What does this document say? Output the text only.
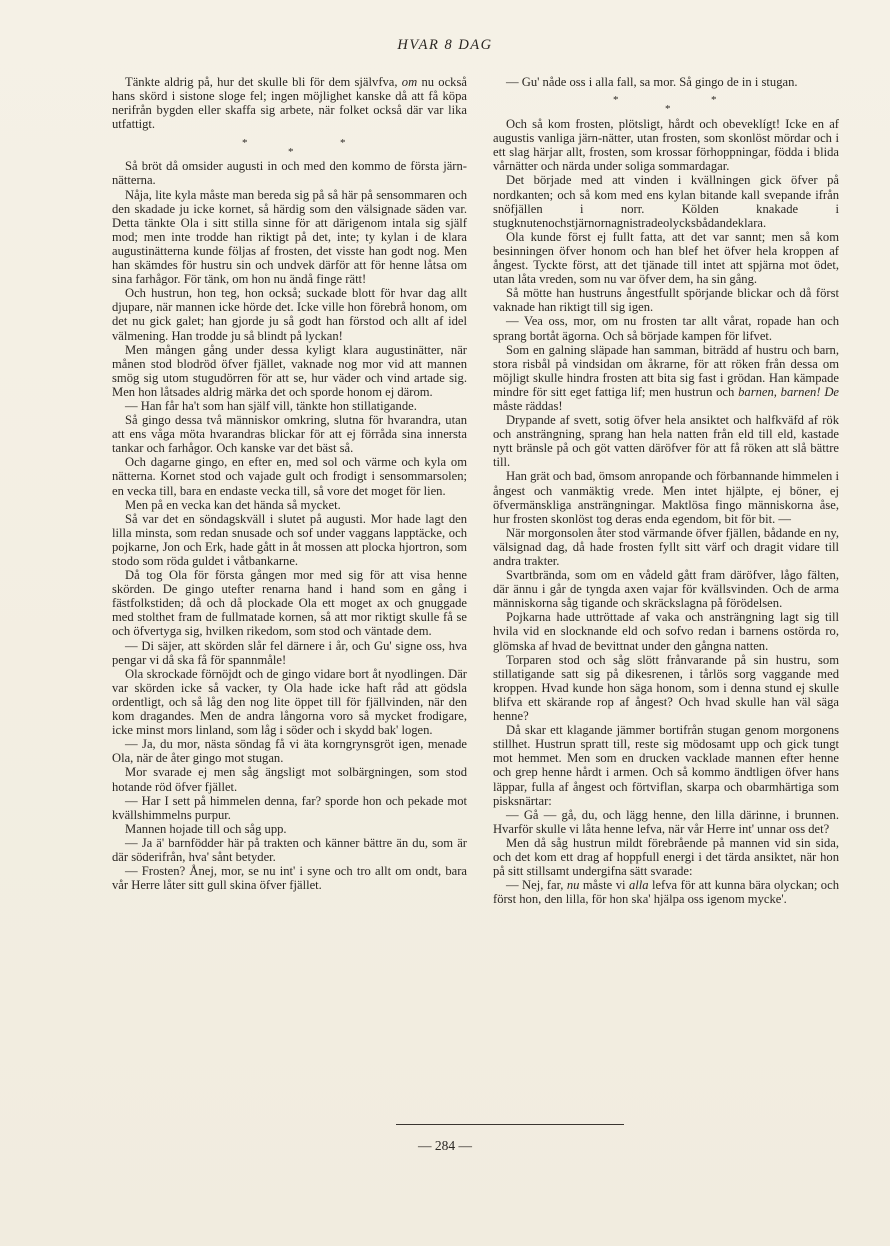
HVAR 8 DAG

Tänkte aldrig på, hur det skulle bli för dem självfva, om nu också hans skörd i sistone sloge fel; ingen möjlighet kanske då att få köpa nerifrån bygden eller skaffa sig arbete, när folket också där var lika utfattigt.

*
*
*

Så bröt då omsider augusti in och med den kommo de första järn-nätterna.

Nåja, lite kyla måste man bereda sig på så här på sensommaren och den skadade ju icke kornet, så härdig som den välsignade säden var. Detta tänkte Ola i sitt stilla sinne för att därigenom intala sig själf mod; men inte trodde han riktigt på det, inte; ty kylan i de klara augustinätterna kunde följas af frosten, det visste han godt nog. Men han skämdes för hustru sin och undvek därför att för henne låtsa om sina farhågor. För tänk, om hon nu ändå finge rätt!

Och hustrun, hon teg, hon också; suckade blott för hvar dag allt djupare, när mannen icke hörde det. Icke ville hon förebrå honom, om det nu gick galet; han gjorde ju så godt han förstod och allt af idel välmening. Han trodde ju så blindt på lyckan!

Men mången gång under dessa kyligt klara augustinätter, när månen stod blodröd öfver fjället, vaknade nog mor vid att mannen smög sig utom stugudörren för att se, hur väder och vind artade sig. Men hon låtsades aldrig märka det och sporde honom ej därom.

— Han får ha't som han själf vill, tänkte hon stillatigande.

Så gingo dessa två människor omkring, slutna för hvarandra, utan att ens våga möta hvarandras blickar för att ej förråda sina innersta tankar och farhågor. Och kanske var det bäst så.

Och dagarne gingo, en efter en, med sol och värme och kyla om nätterna. Kornet stod och vajade gult och frodigt i sensommarsolen; en vecka till, bara en endaste vecka till, så vore det moget för lien.

Men på en vecka kan det hända så mycket.

Så var det en söndagskväll i slutet på augusti. Mor hade lagt den lilla minsta, som redan snusade och sof under vaggans lapptäcke, och pojkarne, Jon och Erk, hade gått in åt mossen att plocka hjortron, som stodo som röda guldet i våtbankarne.

Då tog Ola för första gången mor med sig för att visa henne skörden. De gingo utefter renarna hand i hand som en gång i fästfolkstiden; då och då plockade Ola ett moget ax och gnuggade med stolthet fram de fullmatade kornen, så att mor riktigt skulle få se och öfvertyga sig, hvilken rikedom, som stod och väntade dem.

— Di säjer, att skörden slår fel därnere i år, och Gu' signe oss, hva pengar vi då ska få för spannmåle!

Ola skrockade förnöjdt och de gingo vidare bort åt nyodlingen. Där var skörden icke så vacker, ty Ola hade icke haft råd att gödsla ordentligt, och så låg den nog lite öppet till för fjällvinden, när den kom dragandes. Men de andra långorna voro så mycket frodigare, icke minst mors linland, som låg i söder och i skydd bak' logen.

— Ja, du mor, nästa söndag få vi äta korngrynsgröt igen, menade Ola, när de åter gingo mot stugan.

Mor svarade ej men såg ängsligt mot solbärgningen, som stod hotande röd öfver fjället.

— Har I sett på himmelen denna, far? sporde hon och pekade mot kvällshimmelns purpur.

Mannen hojade till och såg upp.

— Ja ä' barnfödder här på trakten och känner bättre än du, som är där söderifrån, hva' sånt betyder.

— Frosten? Ånej, mor, se nu int' i syne och tro allt om ondt, bara vår Herre låter sitt gull skina öfver fjället.

— Gu' nåde oss i alla fall, sa mor. Så gingo de in i stugan.

*
*
*

Och så kom frosten, plötsligt, hårdt och obeveklígt! Icke en af augustis vanliga järn-nätter, utan frosten, som skonlöst mördar och i ett slag härjar allt, frosten, som krossar förhoppningar, födda i blida vårnätter och närda under soliga sommardagar.

Det började med att vinden i kvällningen gick öfver på nordkanten; och så kom med ens kylan bitande kall svepande ifrån snöfjällen i norr. Kölden knakade i stugknutenochstjärnornagnistradeolycksbådandeklara.

Ola kunde först ej fullt fatta, att det var sannt; men så kom besinningen öfver honom och han blef het öfver hela kroppen af ångest. Tyckte först, att det tjänade till intet att spjärna mot ödet, utan låta vreden, som nu var öfver dem, ha sin gång.

Så mötte han hustruns ångestfullt spörjande blickar och då först vaknade han riktigt till sig igen.

— Vea oss, mor, om nu frosten tar allt vårat, ropade han och sprang bortåt ägorna. Och så började kampen för lifvet.

Som en galning släpade han samman, biträdd af hustru och barn, stora risbål på vindsidan om åkrarne, för att röken från dessa om möjligt skulle hindra frosten att bita sig fast i grödan. Han kämpade mindre för sitt eget fattiga lif; men hustrun och barnen, barnen! De måste räddas!

Drypande af svett, sotig öfver hela ansiktet och halfkväfd af rök och ansträngning, sprang han hela natten från eld till eld, kastade nytt bränsle på och göt vatten däröfver för att få röken att slå bättre till.

Han grät och bad, ömsom anropande och förbannande himmelen i ångest och vanmäktig vrede. Men intet hjälpte, ej böner, ej öfvermänskliga ansträngningar. Maktlösa fingo människorna åse, hur frosten skonlöst tog deras enda egendom, bit för bit. —

När morgonsolen åter stod värmande öfver fjällen, bådande en ny, välsignad dag, då hade frosten fyllt sitt värf och dragit vidare till andra trakter.

Svartbrända, som om en vådeld gått fram däröfver, lågo fälten, där ännu i går de tyngda axen vajar för kvällsvinden. Och de arma människorna såg tigande och skräckslagna på förödelsen.

Pojkarna hade uttröttade af vaka och ansträngning lagt sig till hvila vid en slocknande eld och sofvo redan i barnens ostörda ro, glömska af hvad de bevittnat under den gångna natten.

Torparen stod och såg slött frånvarande på sin hustru, som stillatigande satt sig på dikesrenen, i tårlös sorg vaggande med kroppen. Hvad kunde hon säga honom, som i denna stund ej skulle blifva ett skärande rop af ångest? Och hvad skulle han väl säga henne?

Då skar ett klagande jämmer bortifrån stugan genom morgonens stillhet. Hustrun spratt till, reste sig mödosamt upp och gick tungt mot hemmet. Men som en drucken vacklade mannen efter henne och grep henne hårdt i armen. Och så kommo ändtligen öfver hans läppar, fulla af ångest och förtviflan, skarpa och obarmhärtiga som pisksnärtar:

— Gå — gå, du, och lägg henne, den lilla därinne, i brunnen. Hvarför skulle vi låta henne lefva, när vår Herre int' unnar oss det?

Men då såg hustrun mildt förebrående på mannen vid sin sida, och det kom ett drag af hoppfull energi i det tärda ansiktet, när hon på sitt stillsamt undergifna sätt svarade:

— Nej, far, nu måste vi alla lefva för att kunna bära olyckan; och först hon, den lilla, för hon ska' hjälpa oss igenom mycke'.

— 284 —
